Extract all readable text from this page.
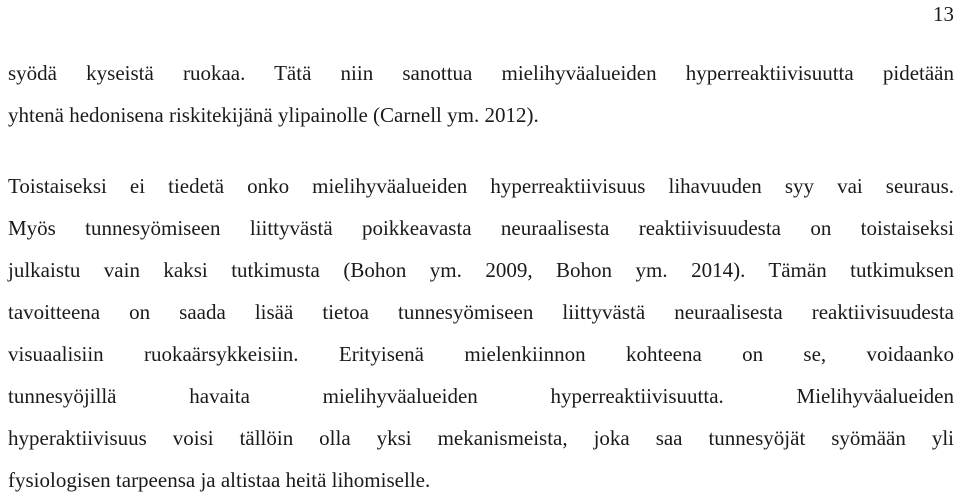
13
syödä kyseistä ruokaa. Tätä niin sanottua mielihyväalueiden hyperreaktiivisuutta pidetään
yhtenä hedonisena riskitekijänä ylipainolle (Carnell ym. 2012).
Toistaiseksi ei tiedetä onko mielihyväalueiden hyperreaktiivisuus lihavuuden syy vai seuraus.
Myös tunnesyömiseen liittyvästä poikkeavasta neuraalisesta reaktiivisuudesta on toistaiseksi
julkaistu vain kaksi tutkimusta (Bohon ym. 2009, Bohon ym. 2014). Tämän tutkimuksen
tavoitteena on saada lisää tietoa tunnesyömiseen liittyvästä neuraalisesta reaktiivisuudesta
visuaalisiin ruokaärsykkeisiin. Erityisenä mielenkiinnon kohteena on se, voidaanko
tunnesyöjillä havaita mielihyväalueiden hyperreaktiivisuutta. Mielihyväalueiden
hyperaktiivisuus voisi tällöin olla yksi mekanismeista, joka saa tunnesyöjät syömään yli
fysiologisen tarpeensa ja altistaa heitä lihomiselle.
